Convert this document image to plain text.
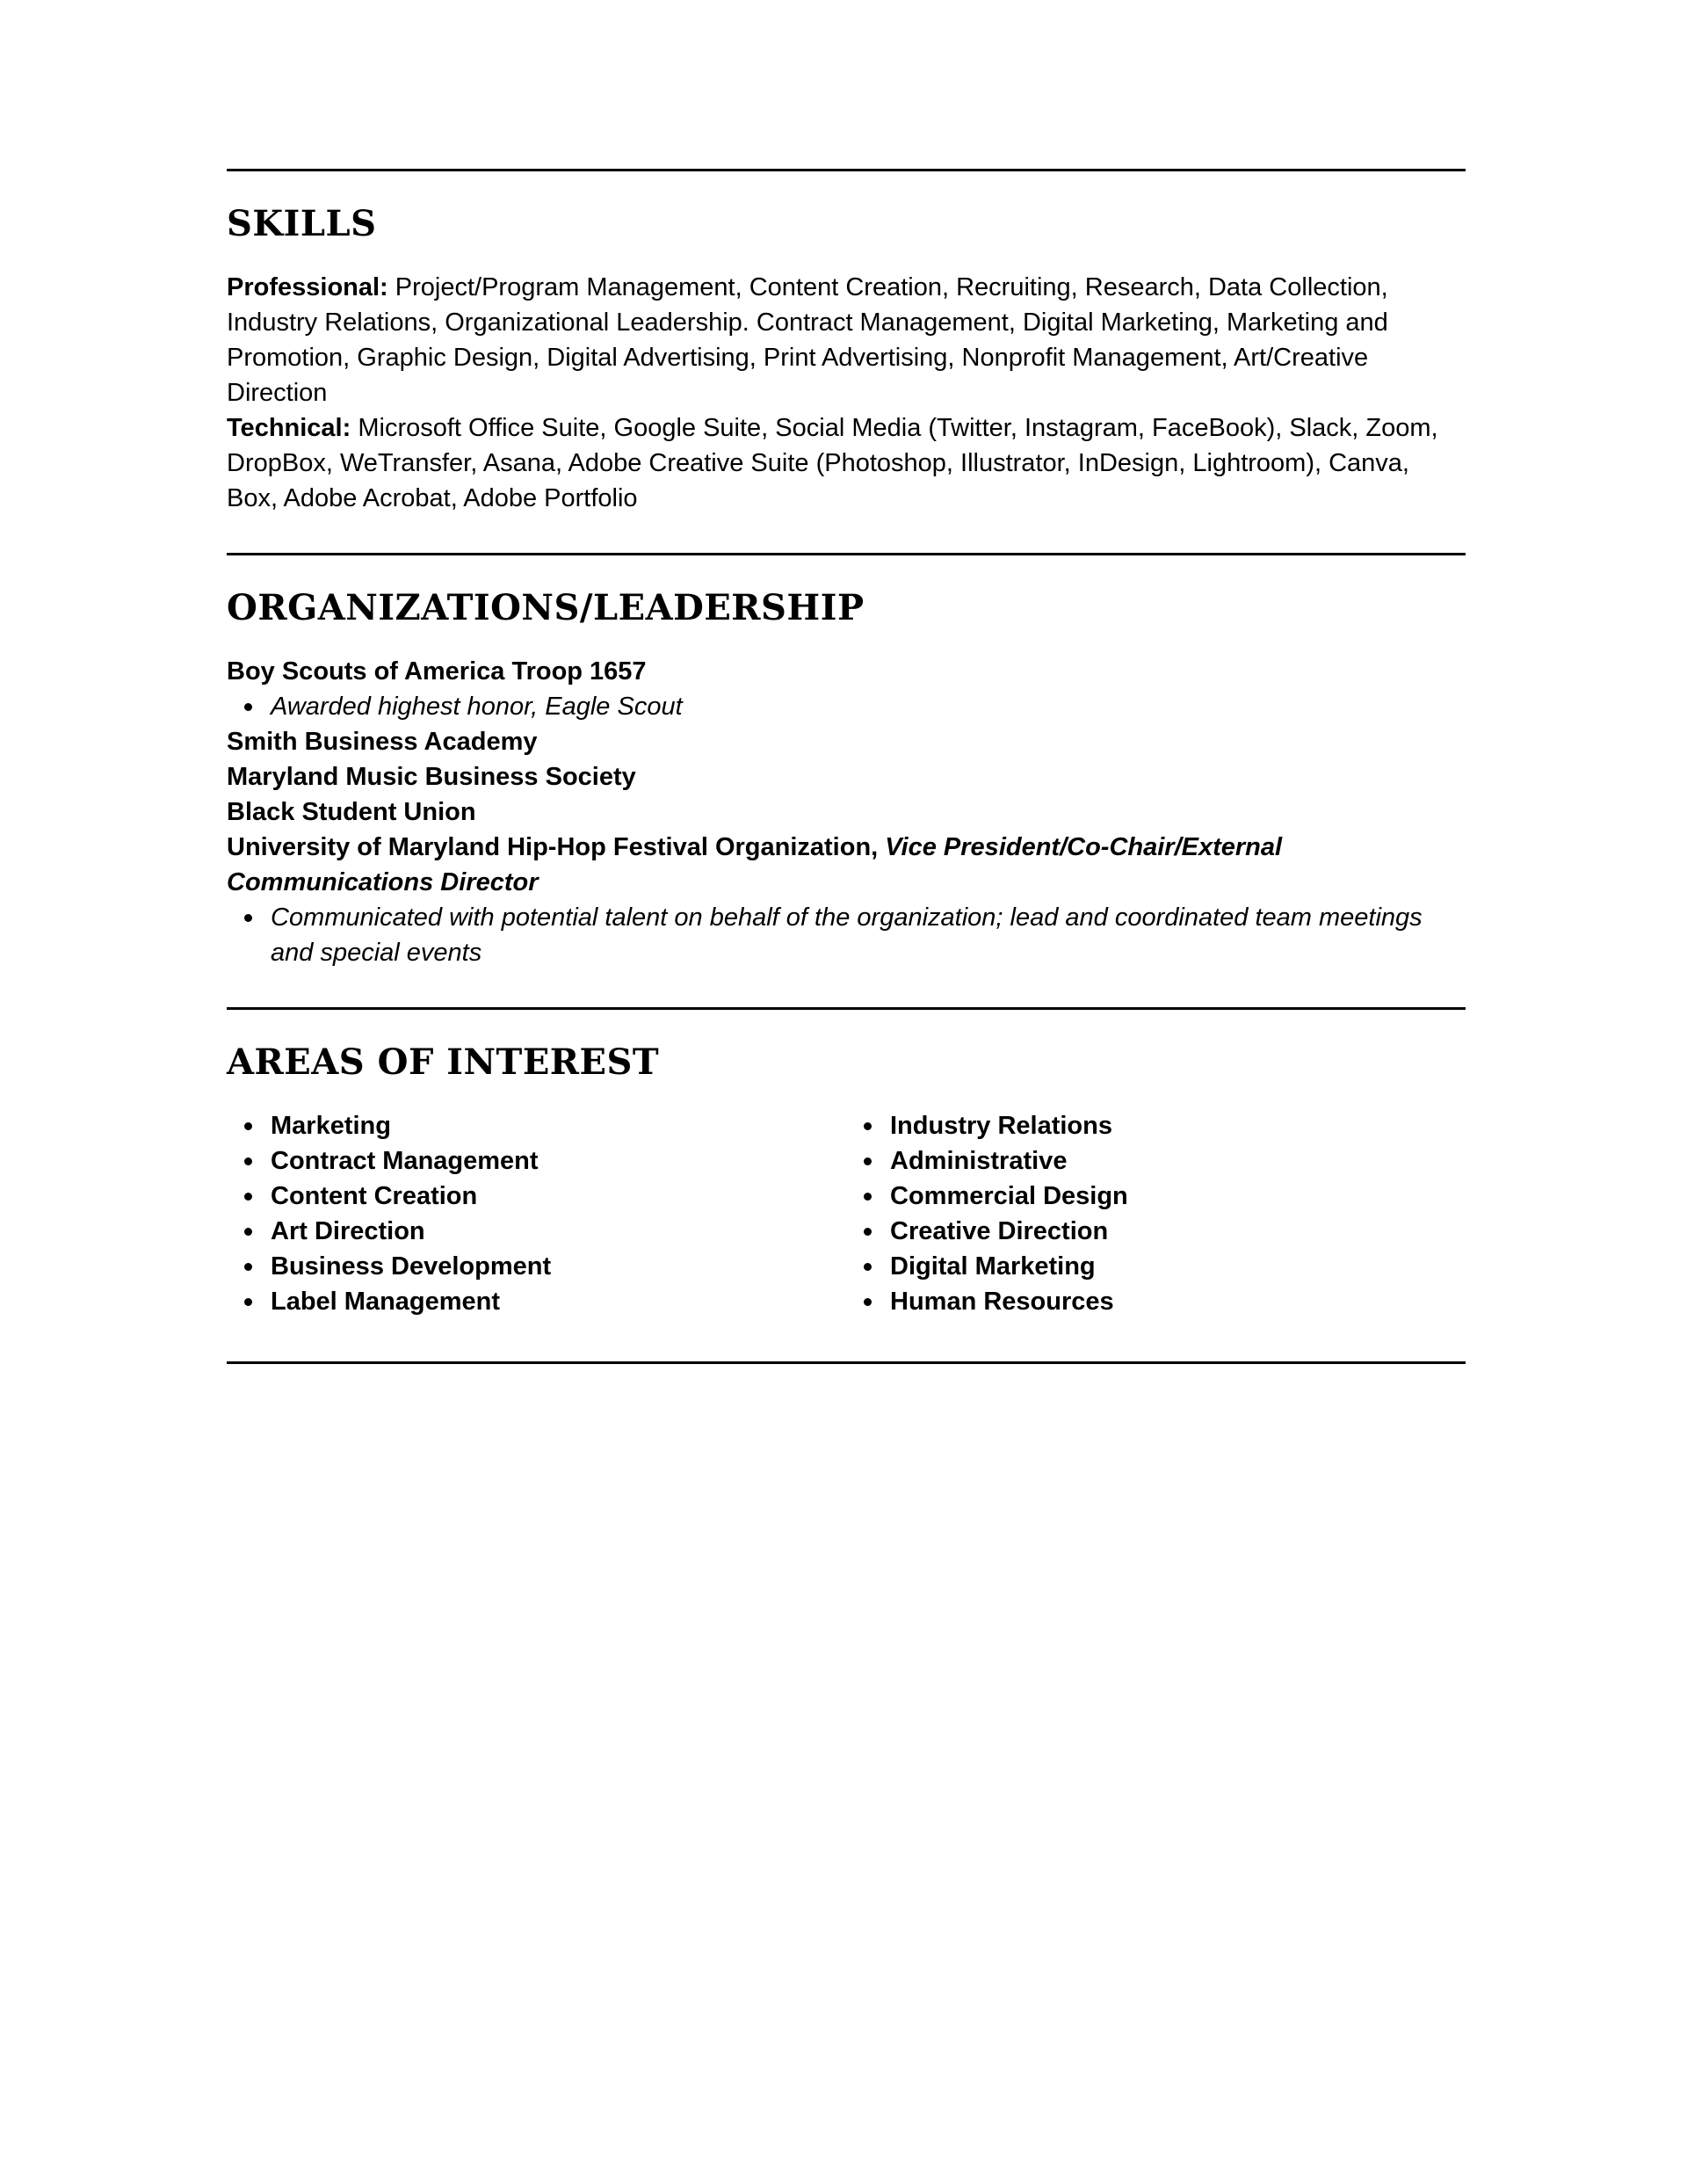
SKILLS
Professional: Project/Program Management, Content Creation, Recruiting, Research, Data Collection, Industry Relations, Organizational Leadership. Contract Management, Digital Marketing, Marketing and Promotion, Graphic Design, Digital Advertising, Print Advertising, Nonprofit Management, Art/Creative Direction
Technical: Microsoft Office Suite, Google Suite, Social Media (Twitter, Instagram, FaceBook), Slack, Zoom, DropBox, WeTransfer, Asana, Adobe Creative Suite (Photoshop, Illustrator, InDesign, Lightroom), Canva, Box, Adobe Acrobat, Adobe Portfolio
ORGANIZATIONS/LEADERSHIP
Boy Scouts of America Troop 1657
Awarded highest honor, Eagle Scout
Smith Business Academy
Maryland Music Business Society
Black Student Union
University of Maryland Hip-Hop Festival Organization, Vice President/Co-Chair/External Communications Director
Communicated with potential talent on behalf of the organization; lead and coordinated team meetings and special events
AREAS OF INTEREST
Marketing
Contract Management
Content Creation
Art Direction
Business Development
Label Management
Industry Relations
Administrative
Commercial Design
Creative Direction
Digital Marketing
Human Resources
